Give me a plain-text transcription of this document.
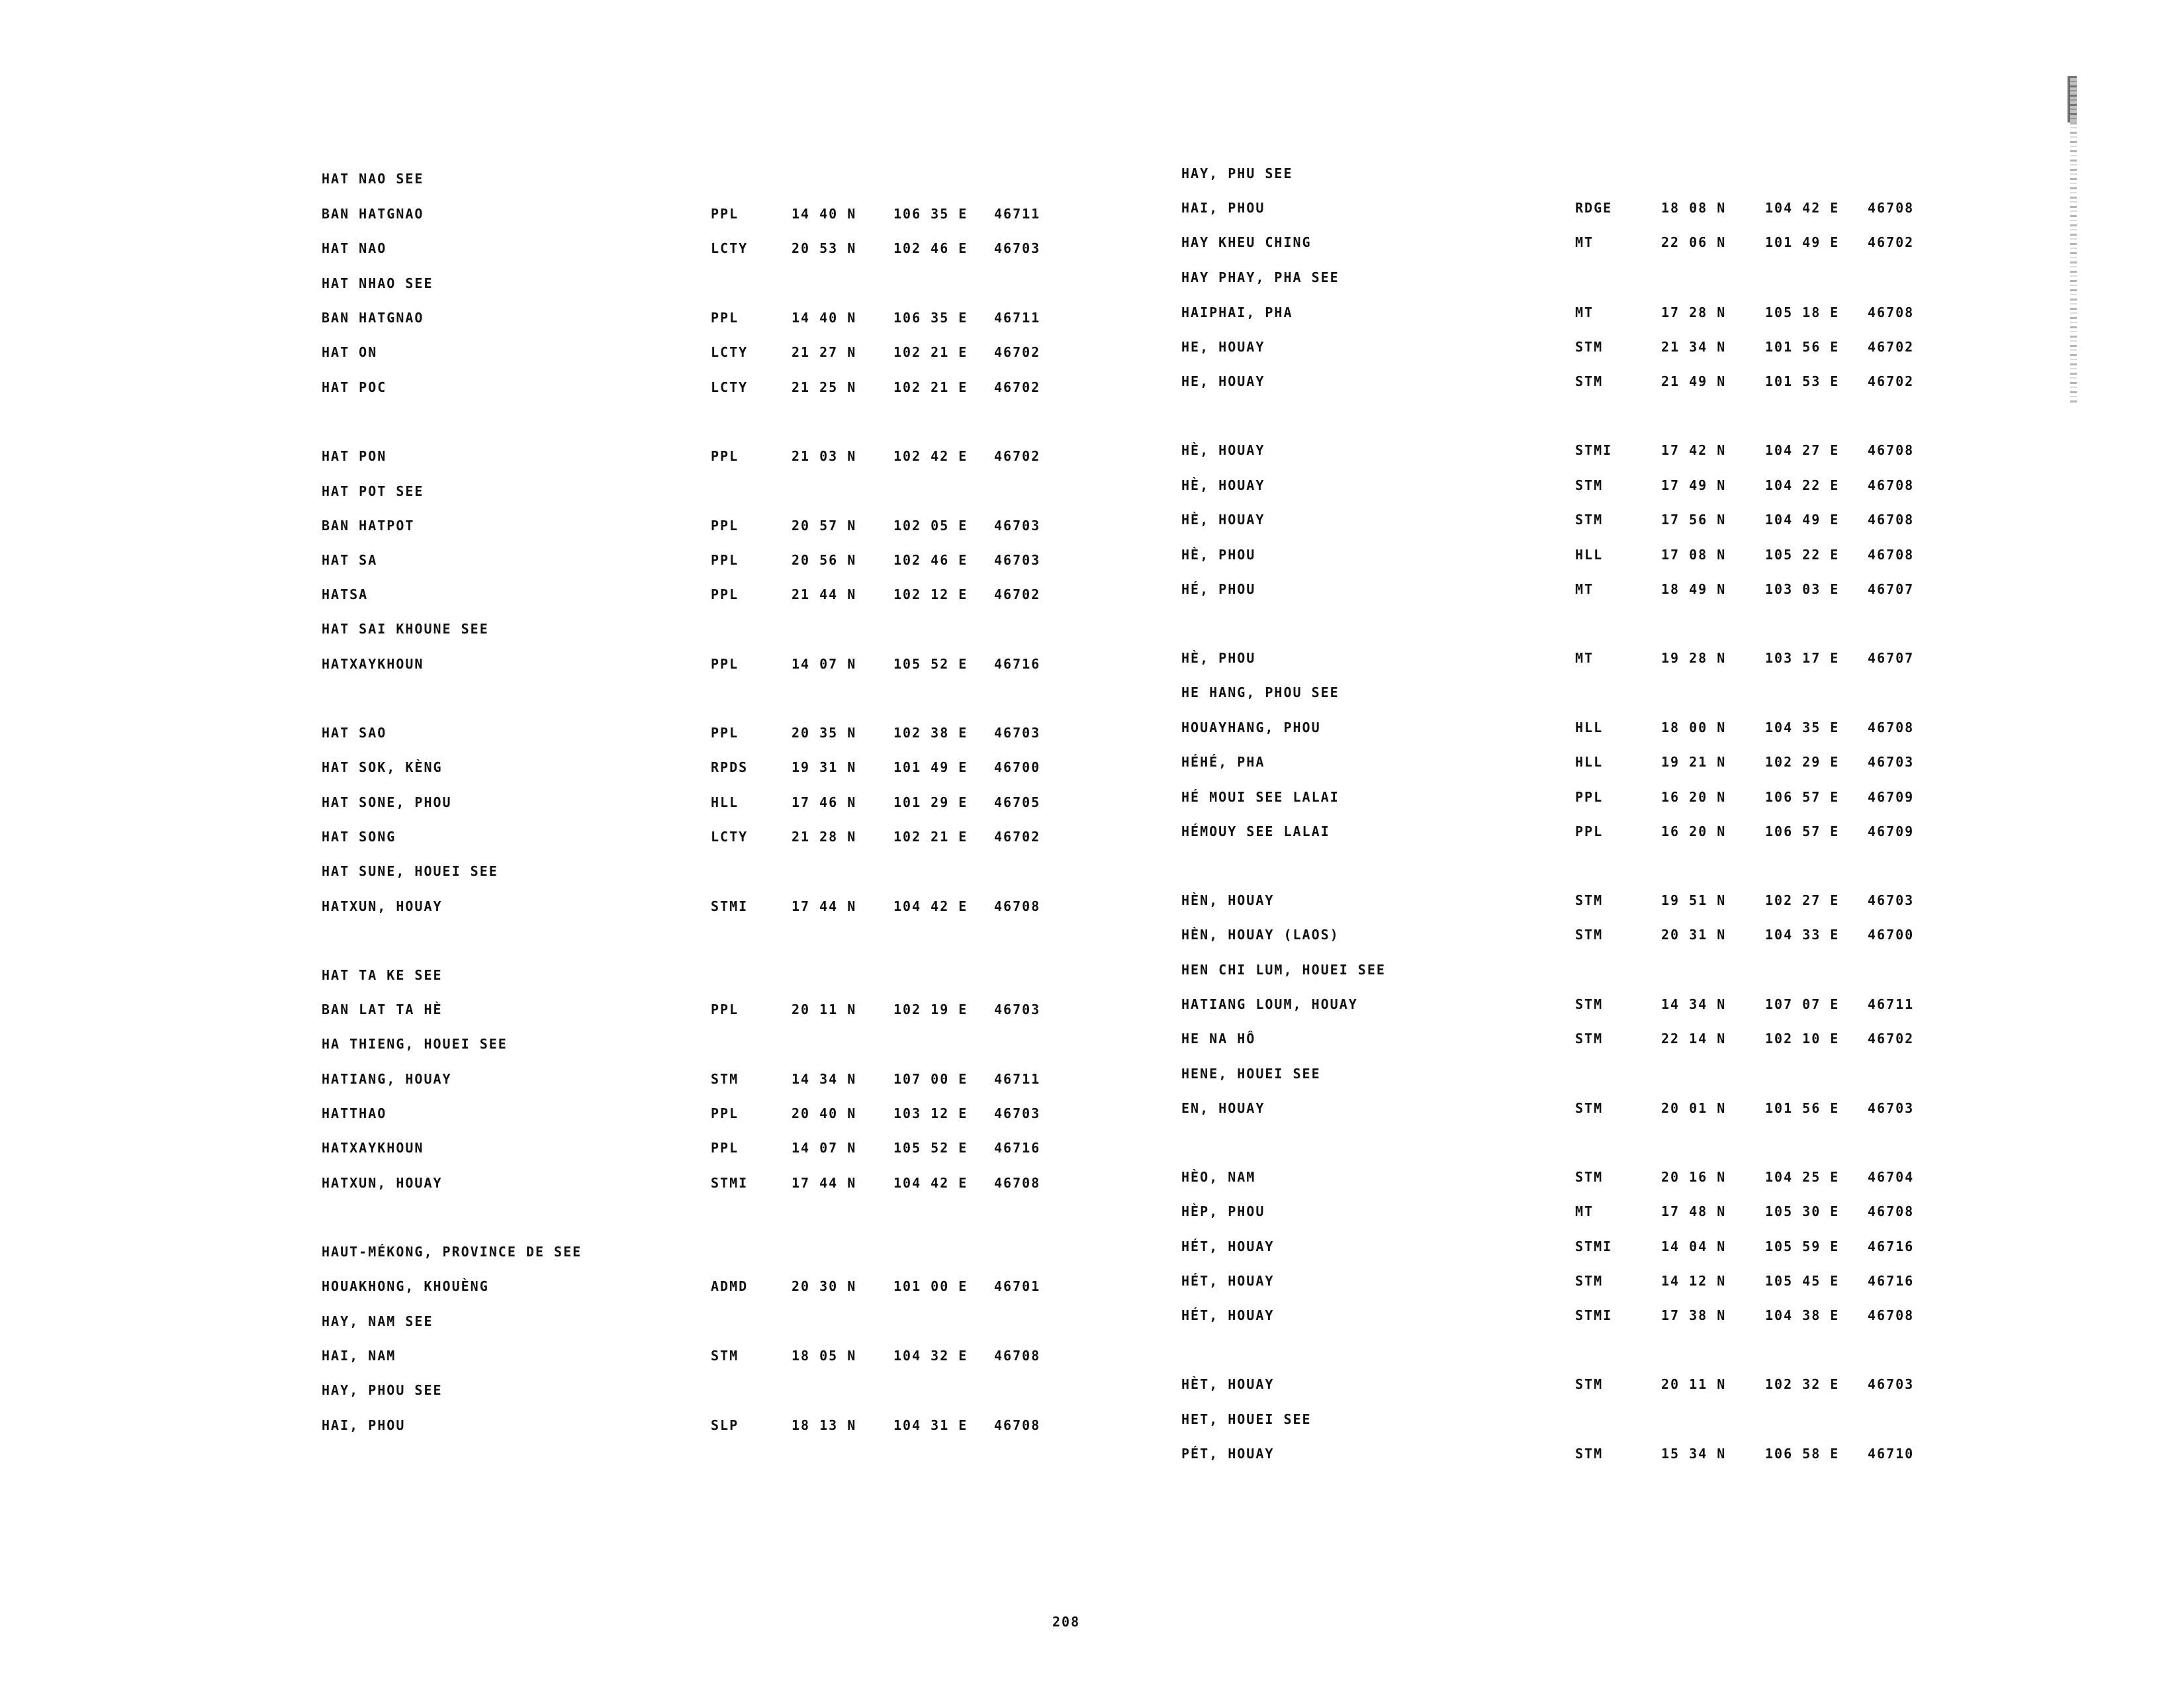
HAT NAO SEE
BAN HATGNAO	PPL	14 40 N	106 35 E 46711
HAT NAO	LCTY	20 53 N	102 46 E 46703
HAT NHAO SEE
BAN HATGNAO	PPL	14 40 N	106 35 E 46711
HAT ON	LCTY	21 27 N	102 21 E 46702
HAT POC	LCTY	21 25 N	102 21 E 46702
HAT PON	PPL	21 03 N	102 42 E 46702
HAT POT SEE
BAN HATPOT	PPL	20 57 N	102 05 E 46703
HAT SA	PPL	20 56 N	102 46 E 46703
HATSA	PPL	21 44 N	102 12 E 46702
HAT SAI KHOUNE SEE
HATXAYKHOUN	PPL	14 07 N	105 52 E 46716
HAT SAO	PPL	20 35 N	102 38 E 46703
HAT SOK, KÈNG	RPDS	19 31 N	101 49 E 46700
HAT SONE, PHOU	HLL	17 46 N	101 29 E 46705
HAT SONG	LCTY	21 28 N	102 21 E 46702
HAT SUNE, HOUEI SEE
HATXUN, HOUAY	STMI	17 44 N	104 42 E 46708
HAT TA KE SEE
BAN LAT TA HÈ	PPL	20 11 N	102 19 E 46703
HA THIENG, HOUEI SEE
HATIANG, HOUAY	STM	14 34 N	107 00 E 46711
HATTHAO	PPL	20 40 N	103 12 E 46703
HATXAYKHOUN	PPL	14 07 N	105 52 E 46716
HATXUN, HOUAY	STMI	17 44 N	104 42 E 46708
HAUT-MÉKONG, PROVINCE DE SEE
HOUAKHONG, KHOUÈNG	ADMD	20 30 N	101 00 E 46701
HAY, NAM SEE
HAI, NAM	STM	18 05 N	104 32 E 46708
HAY, PHOU SEE
HAI, PHOU	SLP	18 13 N	104 31 E 46708
HAY, PHU SEE
HAI, PHOU	RDGE	18 08 N	104 42 E 46708
HAY KHEU CHING	MT	22 06 N	101 49 E 46702
HAY PHAY, PHA SEE
HAIPHAI, PHA	MT	17 28 N	105 18 E 46708
HE, HOUAY	STM	21 34 N	101 56 E 46702
HE, HOUAY	STM	21 49 N	101 53 E 46702
HÈ, HOUAY	STMI	17 42 N	104 27 E 46708
HÈ, HOUAY	STM	17 49 N	104 22 E 46708
HÈ, HOUAY	STM	17 56 N	104 49 E 46708
HÈ, PHOU	HLL	17 08 N	105 22 E 46708
HÉ, PHOU	MT	18 49 N	103 03 E 46707
HÈ, PHOU	MT	19 28 N	103 17 E 46707
HE HANG, PHOU SEE
HOUAYHANG, PHOU	HLL	18 00 N	104 35 E 46708
HÉHÉ, PHA	HLL	19 21 N	102 29 E 46703
HÉ MOUI SEE LALAI	PPL	16 20 N	106 57 E 46709
HÉMOUY SEE LALAI	PPL	16 20 N	106 57 E 46709
HÈN, HOUAY	STM	19 51 N	102 27 E 46703
HÈN, HOUAY (LAOS)	STM	20 31 N	104 33 E 46700
HEN CHI LUM, HOUEI SEE
HATIANG LOUM, HOUAY	STM	14 34 N	107 07 E 46711
HE NA HÔ	STM	22 14 N	102 10 E 46702
HENE, HOUEI SEE
EN, HOUAY	STM	20 01 N	101 56 E 46703
HÈO, NAM	STM	20 16 N	104 25 E 46704
HÈP, PHOU	MT	17 48 N	105 30 E 46708
HÉT, HOUAY	STMI	14 04 N	105 59 E 46716
HÉT, HOUAY	STM	14 12 N	105 45 E 46716
HÉT, HOUAY	STMI	17 38 N	104 38 E 46708
HÈT, HOUAY	STM	20 11 N	102 32 E 46703
HET, HOUEI SEE
PÉT, HOUAY	STM	15 34 N	106 58 E 46710
208
